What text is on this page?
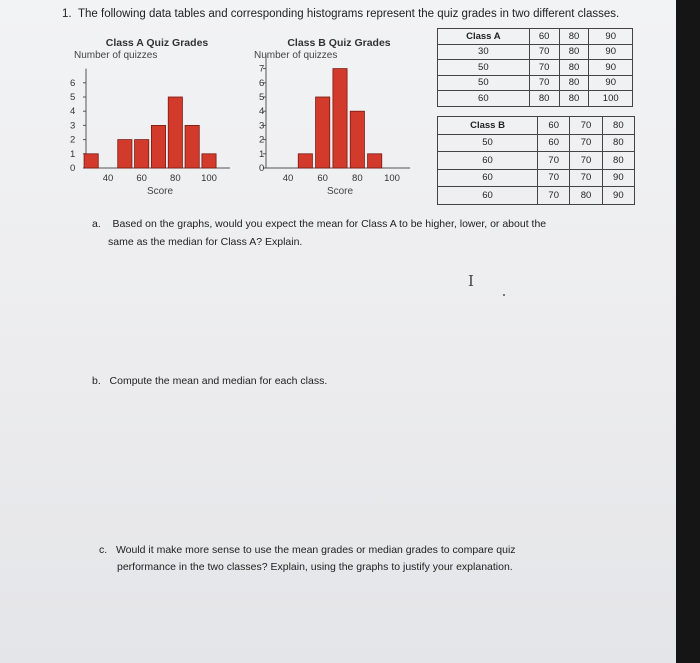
1. The following data tables and corresponding histograms represent the quiz grades in two different classes.
Class A Quiz Grades
Number of quizzes
0
1
2
3
4
5
6
40 60 80 100
Score
Class B Quiz Grades
Number of quizzes
0
1
2
3
4
5
6
7
40	60	80 100
Score
Class A	60	80	90
30	70	80	90
50	70	80	90
50	70	80	90
60	80	80	100
Class B	60	70	80
50	60	70	80
60	70	70	80
60	70	70	90
60	70	80	90
a. Based on the graphs, would you expect the mean for Class A to be higher, lower, or about the
same as the median for Class A? Explain.
I
b. Compute the mean and median for each class.
c. Would it make more sense to use the mean grades or median grades to compare quiz
performance in the two classes? Explain, using the graphs to justify your explanation.
